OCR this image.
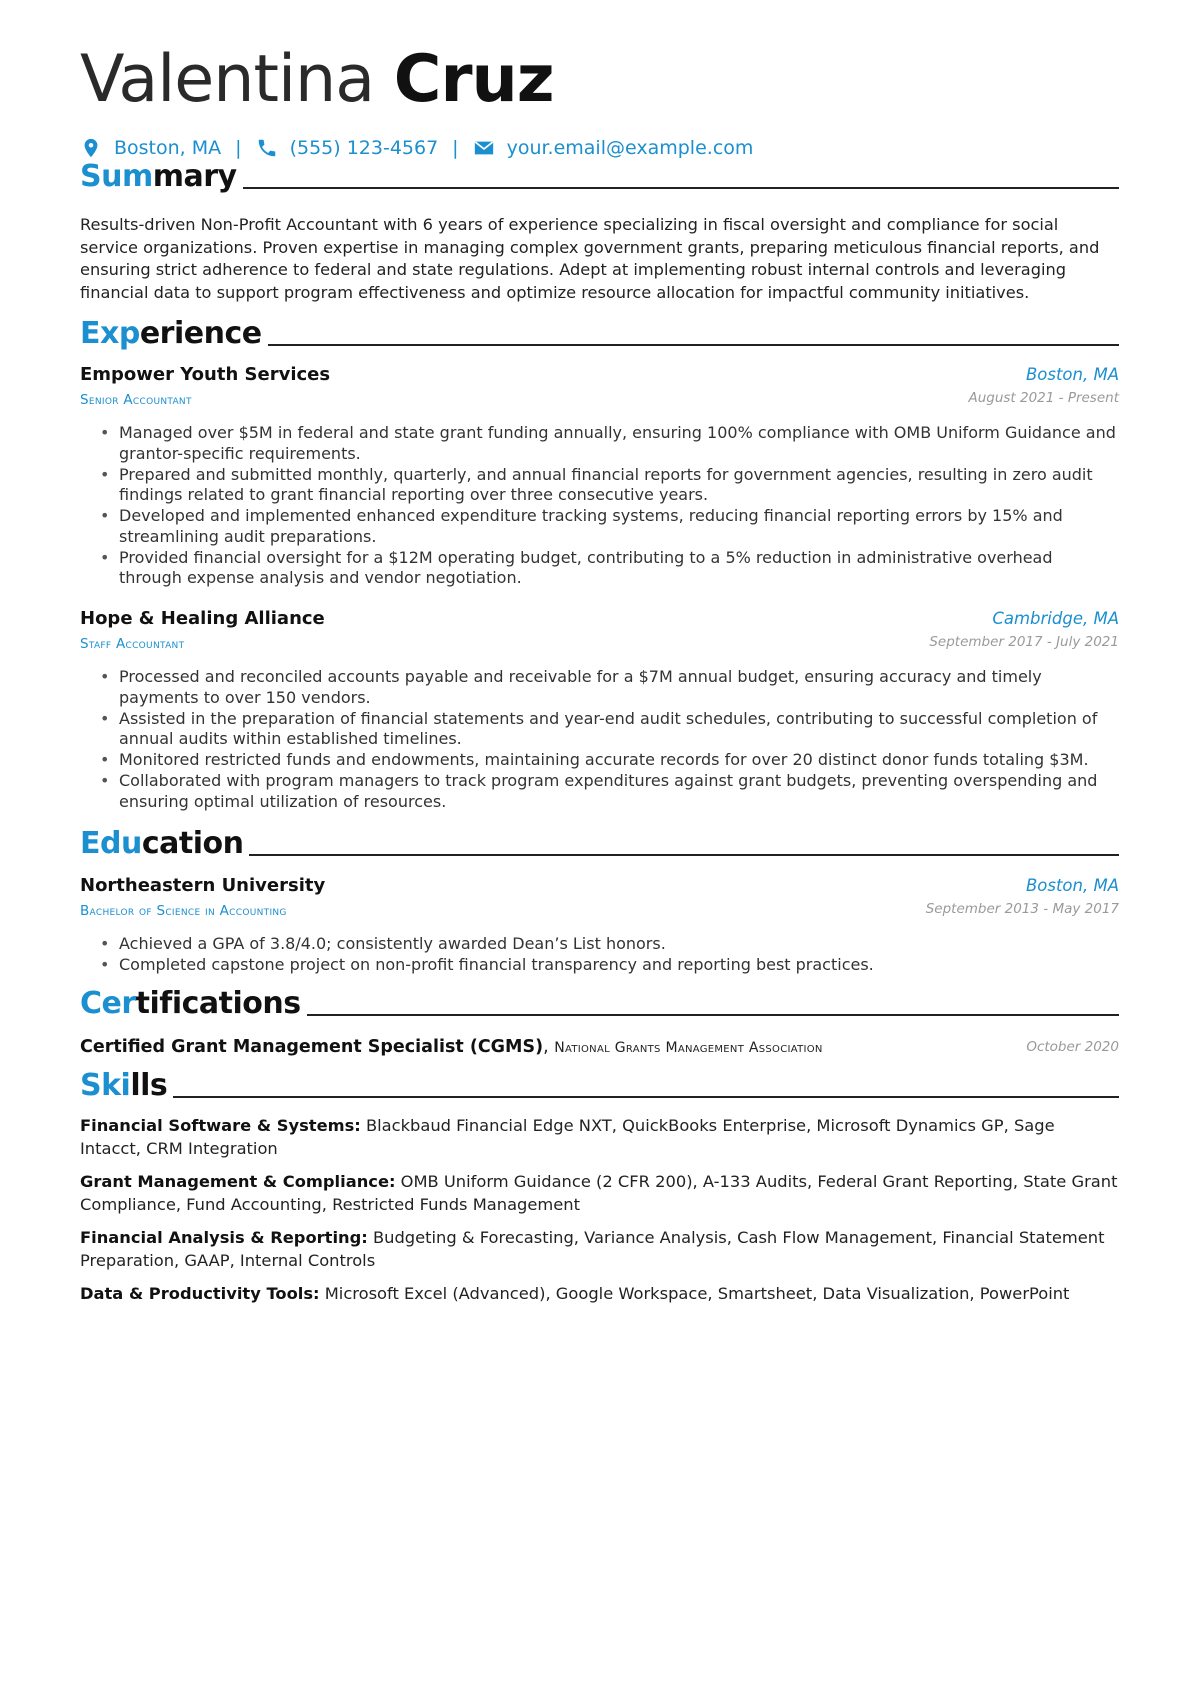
Valentina Cruz
Boston, MA |	(555) 123-4567 |	your.email@example.com
Summary

Results-driven Non-Profit Accountant with 6 years of experience specializing in fiscal oversight and compliance for social service organizations. Proven expertise in managing complex government grants, preparing meticulous financial reports, and ensuring strict adherence to federal and state regulations. Adept at implementing robust internal controls and leveraging financial data to support program effectiveness and optimize resource allocation for impactful community initiatives.

Experience
Empower Youth Services	Boston, MA
Senior Accountant	August 2021 - Present
• Managed over $5M in federal and state grant funding annually, ensuring 100% compliance with OMB Uniform Guidance and grantor-specific requirements.
• Prepared and submitted monthly, quarterly, and annual financial reports for government agencies, resulting in zero audit findings related to grant financial reporting over three consecutive years.
• Developed and implemented enhanced expenditure tracking systems, reducing financial reporting errors by 15% and streamlining audit preparations.
• Provided financial oversight for a $12M operating budget, contributing to a 5% reduction in administrative overhead through expense analysis and vendor negotiation.
Hope & Healing Alliance	Cambridge, MA
Staff Accountant	September 2017 - July 2021
• Processed and reconciled accounts payable and receivable for a $7M annual budget, ensuring accuracy and timely payments to over 150 vendors.
• Assisted in the preparation of financial statements and year-end audit schedules, contributing to successful completion of annual audits within established timelines.
• Monitored restricted funds and endowments, maintaining accurate records for over 20 distinct donor funds totaling $3M.
• Collaborated with program managers to track program expenditures against grant budgets, preventing overspending and ensuring optimal utilization of resources.
Education
Northeastern University	Boston, MA
Bachelor of Science in Accounting	September 2013 - May 2017
• Achieved a GPA of 3.8/4.0; consistently awarded Dean’s List honors.
• Completed capstone project on non-profit financial transparency and reporting best practices.
Certifications
Certified Grant Management Specialist (CGMS), National Grants Management Association	October 2020
Skills

Financial Software & Systems: Blackbaud Financial Edge NXT, QuickBooks Enterprise, Microsoft Dynamics GP, Sage Intacct, CRM Integration

Grant Management & Compliance: OMB Uniform Guidance (2 CFR 200), A-133 Audits, Federal Grant Reporting, State Grant Compliance, Fund Accounting, Restricted Funds Management

Financial Analysis & Reporting: Budgeting & Forecasting, Variance Analysis, Cash Flow Management, Financial Statement Preparation, GAAP, Internal Controls

Data & Productivity Tools: Microsoft Excel (Advanced), Google Workspace, Smartsheet, Data Visualization, PowerPoint
